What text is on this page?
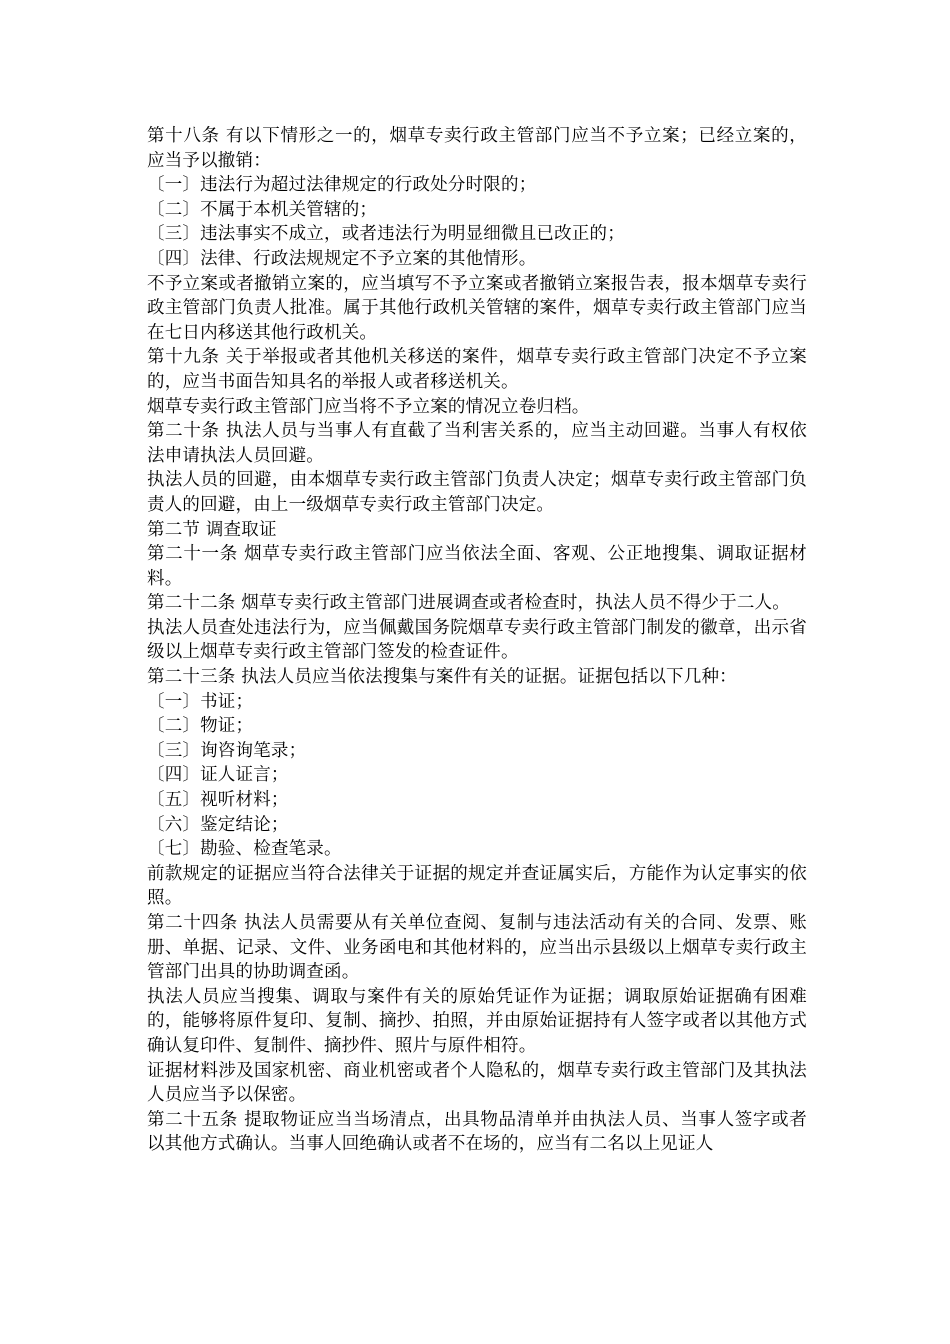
第十八条 有以下情形之一的，烟草专卖行政主管部门应当不予立案；已经立案的，应当予以撤销：

〔一〕违法行为超过法律规定的行政处分时限的；

〔二〕不属于本机关管辖的；

〔三〕违法事实不成立，或者违法行为明显细微且已改正的；

〔四〕法律、行政法规规定不予立案的其他情形。

不予立案或者撤销立案的，应当填写不予立案或者撤销立案报告表，报本烟草专卖行政主管部门负责人批准。属于其他行政机关管辖的案件，烟草专卖行政主管部门应当在七日内移送其他行政机关。

第十九条 关于举报或者其他机关移送的案件，烟草专卖行政主管部门决定不予立案的，应当书面告知具名的举报人或者移送机关。

烟草专卖行政主管部门应当将不予立案的情况立卷归档。

第二十条 执法人员与当事人有直截了当利害关系的，应当主动回避。当事人有权依法申请执法人员回避。

执法人员的回避，由本烟草专卖行政主管部门负责人决定；烟草专卖行政主管部门负责人的回避，由上一级烟草专卖行政主管部门决定。

第二节 调查取证

第二十一条 烟草专卖行政主管部门应当依法全面、客观、公正地搜集、调取证据材料。

第二十二条 烟草专卖行政主管部门进展调查或者检查时，执法人员不得少于二人。

执法人员查处违法行为，应当佩戴国务院烟草专卖行政主管部门制发的徽章，出示省级以上烟草专卖行政主管部门签发的检查证件。

第二十三条 执法人员应当依法搜集与案件有关的证据。证据包括以下几种：

〔一〕书证；

〔二〕物证；

〔三〕询咨询笔录；

〔四〕证人证言；

〔五〕视听材料；

〔六〕鉴定结论；

〔七〕勘验、检查笔录。

前款规定的证据应当符合法律关于证据的规定并查证属实后，方能作为认定事实的依照。

第二十四条 执法人员需要从有关单位查阅、复制与违法活动有关的合同、发票、账册、单据、记录、文件、业务函电和其他材料的，应当出示县级以上烟草专卖行政主管部门出具的协助调查函。

执法人员应当搜集、调取与案件有关的原始凭证作为证据；调取原始证据确有困难的，能够将原件复印、复制、摘抄、拍照，并由原始证据持有人签字或者以其他方式确认复印件、复制件、摘抄件、照片与原件相符。

证据材料涉及国家机密、商业机密或者个人隐私的，烟草专卖行政主管部门及其执法人员应当予以保密。

第二十五条 提取物证应当当场清点，出具物品清单并由执法人员、当事人签字或者以其他方式确认。当事人回绝确认或者不在场的，应当有二名以上见证人
